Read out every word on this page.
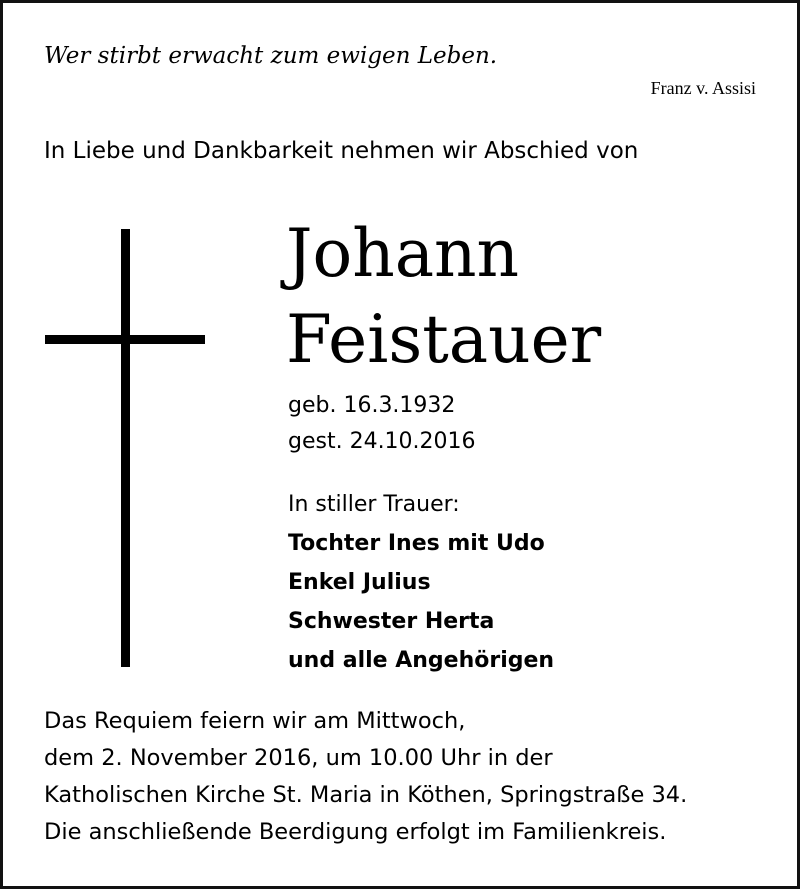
Wer stirbt erwacht zum ewigen Leben.
Franz v. Assisi
In Liebe und Dankbarkeit nehmen wir Abschied von
Johann
Feistauer
geb. 16.3.1932
gest. 24.10.2016
In stiller Trauer:
Tochter Ines mit Udo
Enkel Julius
Schwester Herta
und alle Angehörigen
Das Requiem feiern wir am Mittwoch,
dem 2. November 2016, um 10.00 Uhr in der
Katholischen Kirche St. Maria in Köthen, Springstraße 34.
Die anschließende Beerdigung erfolgt im Familienkreis.
